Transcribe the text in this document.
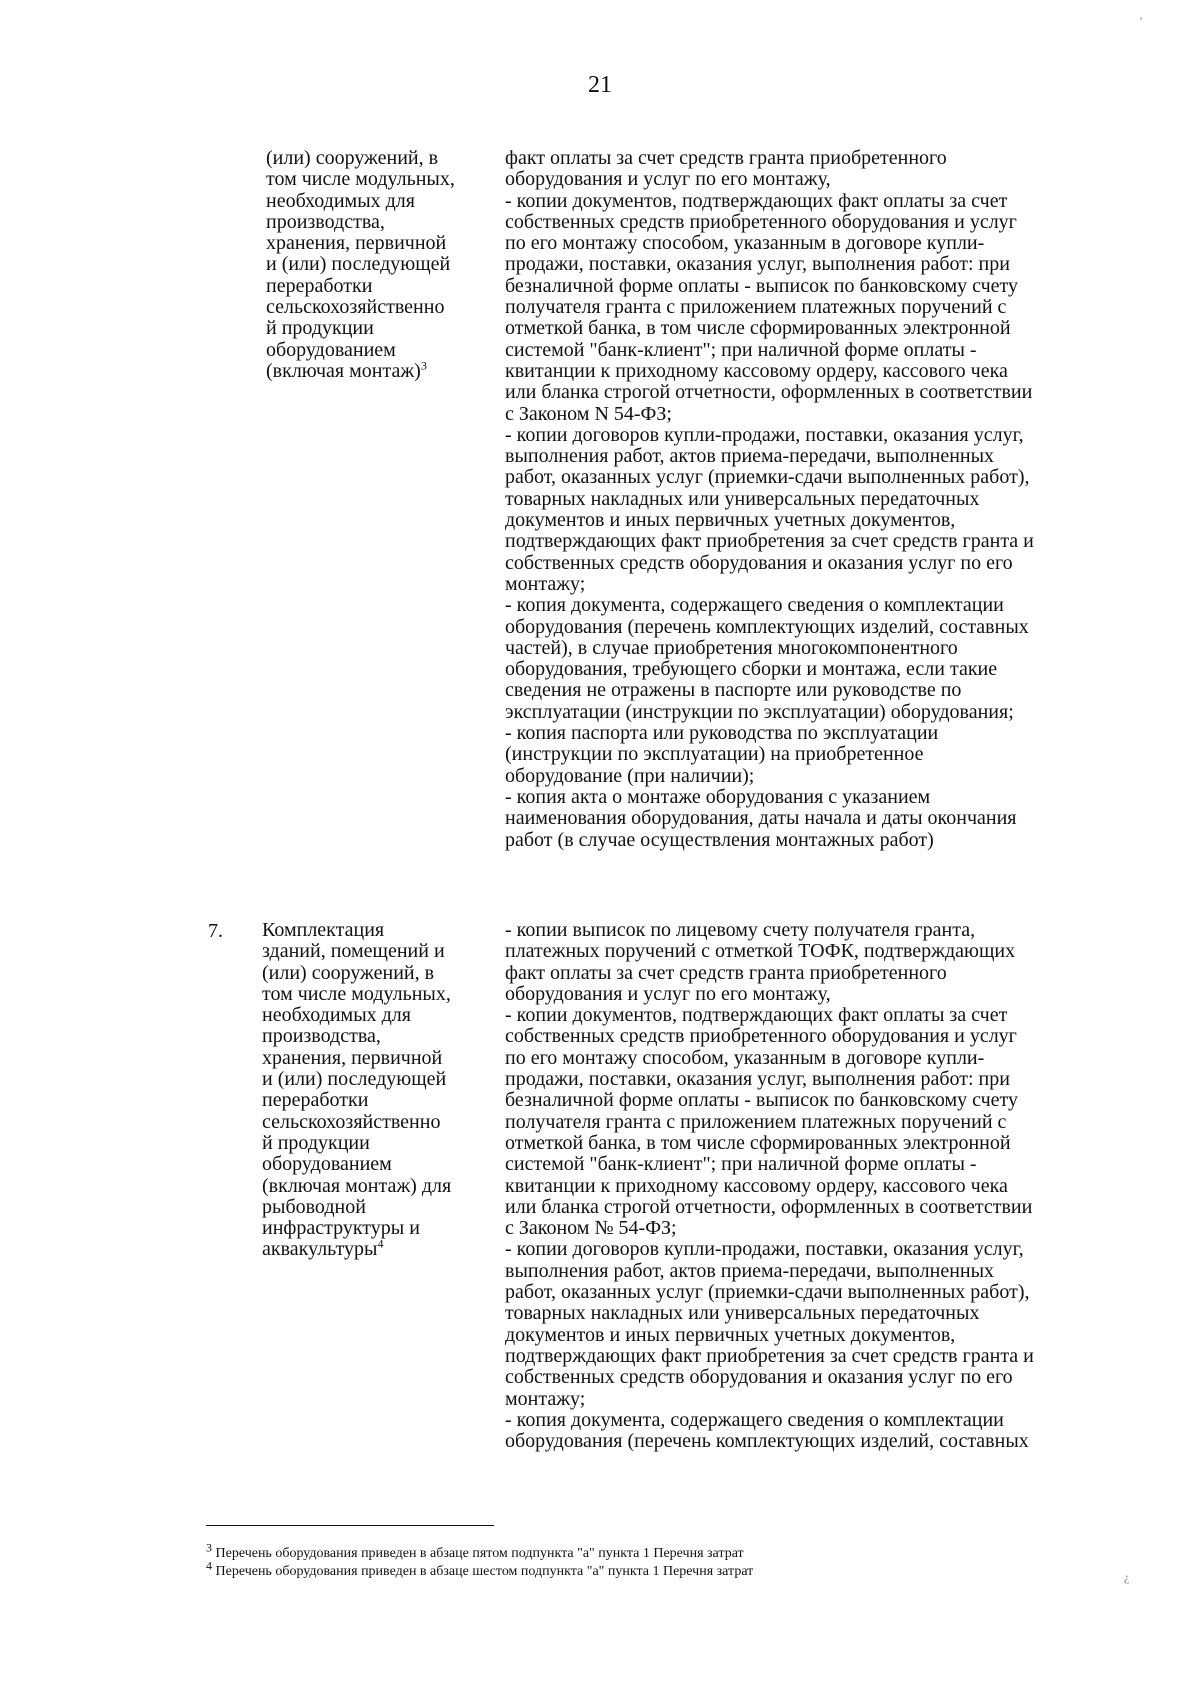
21
(или) сооружений, в
том числе модульных,
необходимых для
производства,
хранения, первичной
и (или) последующей
переработки
сельскохозяйственно
й продукции
оборудованием
(включая монтаж)$^3$
факт оплаты за счет средств гранта приобретенного
оборудования и услуг по его монтажу,
- копии документов, подтверждающих факт оплаты за счет
собственных средств приобретенного оборудования и услуг
по его монтажу способом, указанным в договоре купли-
продажи, поставки, оказания услуг, выполнения работ: при
безналичной форме оплаты - выписок по банковскому счету
получателя гранта с приложением платежных поручений с
отметкой банка, в том числе сформированных электронной
системой "банк-клиент"; при наличной форме оплаты -
квитанции к приходному кассовому ордеру, кассового чека
или бланка строгой отчетности, оформленных в соответствии
с Законом N 54-ФЗ;
- копии договоров купли-продажи, поставки, оказания услуг,
выполнения работ, актов приема-передачи, выполненных
работ, оказанных услуг (приемки-сдачи выполненных работ),
товарных накладных или универсальных передаточных
документов и иных первичных учетных документов,
подтверждающих факт приобретения за счет средств гранта и
собственных средств оборудования и оказания услуг по его
монтажу;
- копия документа, содержащего сведения о комплектации
оборудования (перечень комплектующих изделий, составных
частей), в случае приобретения многокомпонентного
оборудования, требующего сборки и монтажа, если такие
сведения не отражены в паспорте или руководстве по
эксплуатации (инструкции по эксплуатации) оборудования;
- копия паспорта или руководства по эксплуатации
(инструкции по эксплуатации) на приобретенное
оборудование (при наличии);
- копия акта о монтаже оборудования с указанием
наименования оборудования, даты начала и даты окончания
работ (в случае осуществления монтажных работ)
7. Комплектация
зданий, помещений и
(или) сооружений, в
том числе модульных,
необходимых для
производства,
хранения, первичной
и (или) последующей
переработки
сельскохозяйственно
й продукции
оборудованием
(включая монтаж) для
рыбоводной
инфраструктуры и
аквакультуры$^4$
- копии выписок по лицевому счету получателя гранта,
платежных поручений с отметкой ТОФК, подтверждающих
факт оплаты за счет средств гранта приобретенного
оборудования и услуг по его монтажу,
- копии документов, подтверждающих факт оплаты за счет
собственных средств приобретенного оборудования и услуг
по его монтажу способом, указанным в договоре купли-
продажи, поставки, оказания услуг, выполнения работ: при
безналичной форме оплаты - выписок по банковскому счету
получателя гранта с приложением платежных поручений с
отметкой банка, в том числе сформированных электронной
системой "банк-клиент"; при наличной форме оплаты -
квитанции к приходному кассовому ордеру, кассового чека
или бланка строгой отчетности, оформленных в соответствии
с Законом № 54-ФЗ;
- копии договоров купли-продажи, поставки, оказания услуг,
выполнения работ, актов приема-передачи, выполненных
работ, оказанных услуг (приемки-сдачи выполненных работ),
товарных накладных или универсальных передаточных
документов и иных первичных учетных документов,
подтверждающих факт приобретения за счет средств гранта и
собственных средств оборудования и оказания услуг по его
монтажу;
- копия документа, содержащего сведения о комплектации
оборудования (перечень комплектующих изделий, составных
$^3$ Перечень оборудования приведен в абзаце пятом подпункта "а" пункта 1 Перечня затрат
$^4$ Перечень оборудования приведен в абзаце шестом подпункта "а" пункта 1 Перечня затрат
'
¿
